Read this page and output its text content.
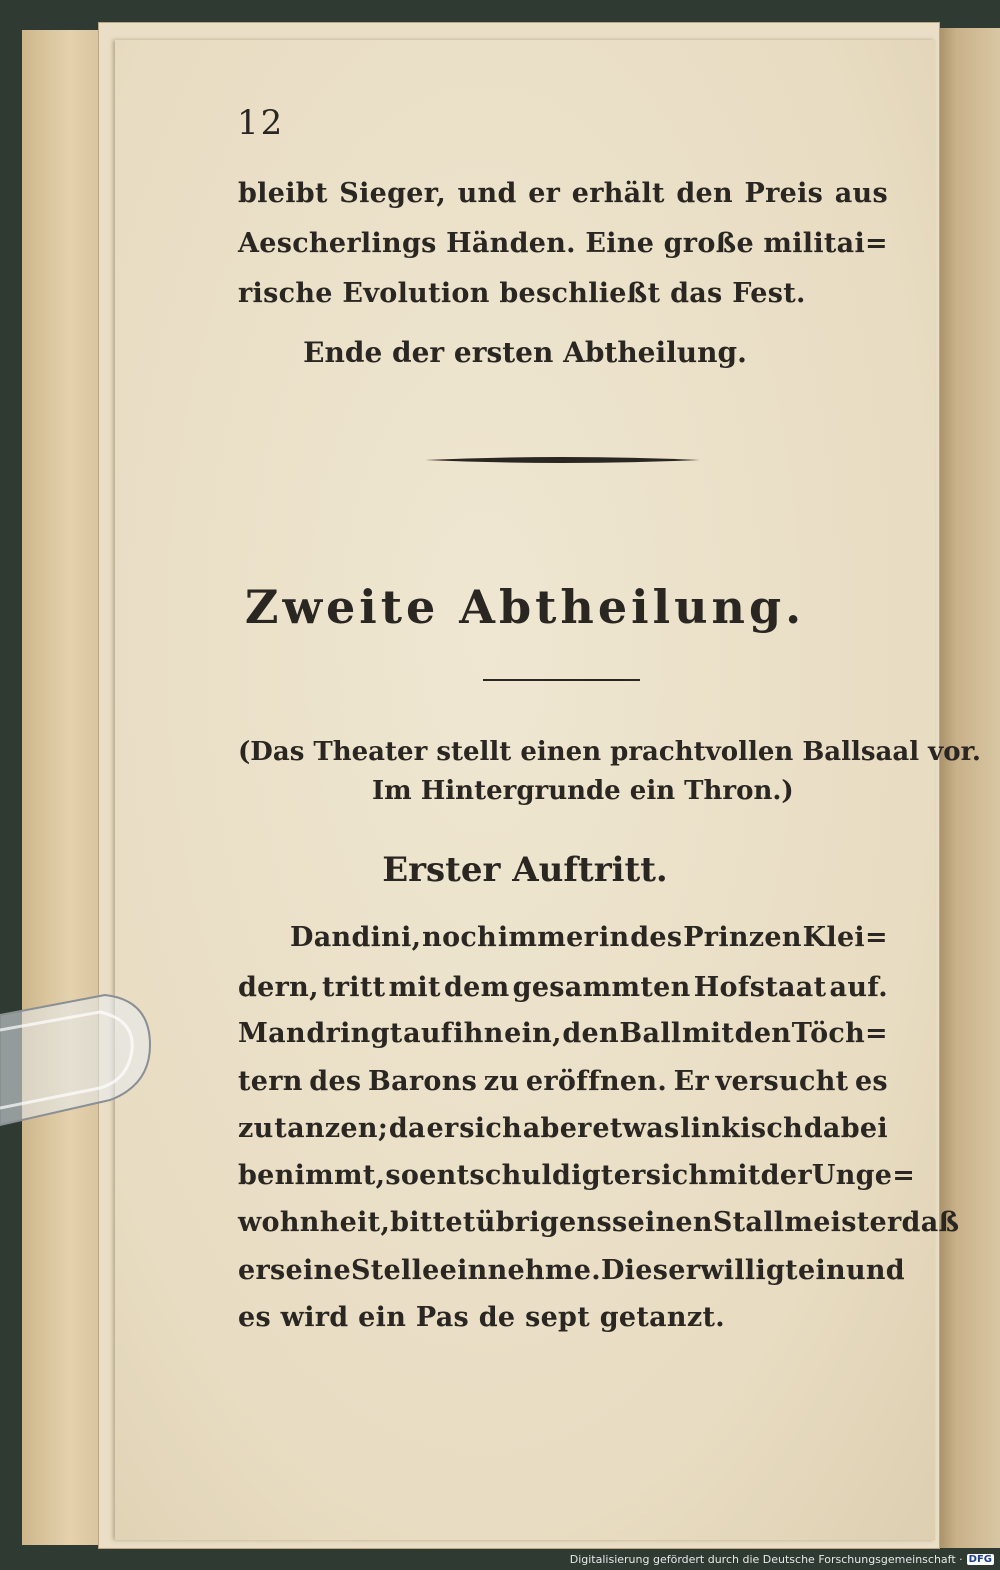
12
bleibt Sieger, und er erhält den Preis aus
Aescherlings Händen. Eine große militai=
rische Evolution beschließt das Fest.
Ende der ersten Abtheilung.
Zweite Abtheilung.
(Das Theater stellt einen prachtvollen Ballsaal vor.
Im Hintergrunde ein Thron.)
Erster Auftritt.
Dandini, noch immer in des Prinzen Klei=
dern, tritt mit dem gesammten Hofstaat auf.
Man dringt auf ihn ein, den Ball mit den Töch=
tern des Barons zu eröffnen. Er versucht es
zu tanzen; da er sich aber etwas linkisch dabei
benimmt, so entschuldigt er sich mit der Unge=
wohnheit, bittet übrigens seinen Stallmeister daß
er seine Stelle einnehme. Dieser willigt ein und
es wird ein Pas de sept getanzt.
Digitalisierung gefördert durch die Deutsche Forschungsgemeinschaft · DFG
